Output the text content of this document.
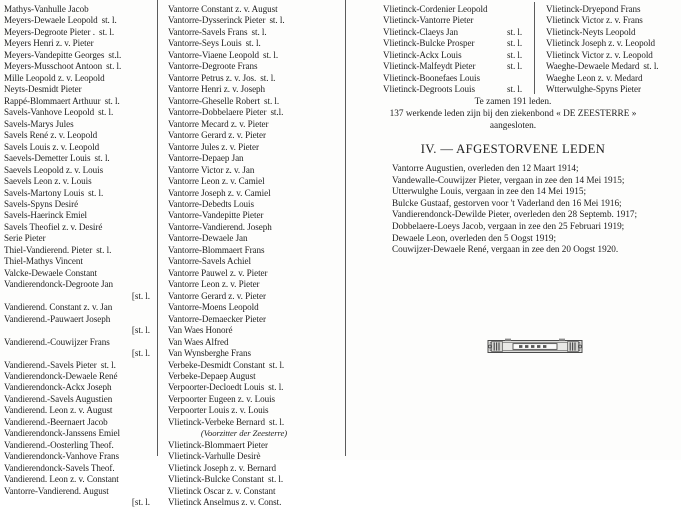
Mathys-Vanhulle Jacob
Meyers-Dewaele Leopold st. l.
Meyers-Degroote Pieter . st. l.
Meyers Henri z. v. Pieter
Meyers-Vandepitte Georges st.l.
Meyers-Musschoot Antoon st. l.
Mille Leopold z. v. Leopold
Neyts-Desmidt Pieter
Rappé-Blommaert Arthuur st. l.
Savels-Vanhove Leopold st. l.
Savels-Marys Jules
Savels René z. v. Leopold
Savels Louis z. v. Leopold
Saevels-Demetter Louis st. l.
Saevels Leopold z. v. Louis
Saevels Leon z. v. Louis
Savels-Martony Louis st. l.
Savels-Spyns Desiré
Savels-Haerinck Emiel
Savels Theofiel z. v. Desiré
Serie Pieter
Thiel-Vandierend. Pieter st. l.
Thiel-Mathys Vincent
Valcke-Dewaele Constant
Vandierendonck-Degroote Jan
[st. l.
Vandierend. Constant z. v. Jan
Vandierend.-Pauwaert Joseph
[st. l.
Vandierend.-Couwijzer Frans
[st. l.
Vandierend.-Savels Pieter st. l.
Vandierendonck-Dewaele René
Vandierendonck-Ackx Joseph
Vandierend.-Savels Augustien
Vandierend. Leon z. v. August
Vandierend.-Beernaert Jacob
Vandierendonck-Janssens Emiel
Vandierend.-Oosterling Theof.
Vandierendonck-Vanhove Frans
Vandierendonck-Savels Theof.
Vandierend. Leon z. v. Constant
Vantorre-Vandierend. August
[st. l.
Vantorre Constant z. v. August
Vantorre-Dysserinck Pieter st. l.
Vantorre-Savels Frans st. l.
Vantorre-Seys Louis st. l.
Vantorre-Viaene Leopold st. l.
Vantorre-Degroote Frans
Vantorre Petrus z. v. Jos. st. l.
Vantorre Henri z. v. Joseph
Vantorre-Gheselle Robert st. l.
Vantorre-Dobbelaere Pieter st.l.
Vantorre Mecard z. v. Pieter
Vantorre Gerard z. v. Pieter
Vantorre Jules z. v. Pieter
Vantorre-Depaep Jan
Vantorre Victor z. v. Jan
Vantorre Leon z. v. Camiel
Vantorre Joseph z. v. Camiel
Vantorre-Debedts Louis
Vantorre-Vandepitte Pieter
Vantorre-Vandierend. Joseph
Vantorre-Dewaele Jan
Vantorre-Blommaert Frans
Vantorre-Savels Achiel
Vantorre Pauwel z. v. Pieter
Vantorre Leon z. v. Pieter
Vantorre Gerard z. v. Pieter
Vantorre-Moens Leopold
Vantorre-Demaecker Pieter
Van Waes Honoré
Van Waes Alfred
Van Wynsberghe Frans
Verbeke-Desmidt Constant st. l.
Verbeke-Depaep August
Verpoorter-Decloedt Louis st. l.
Verpoorter Eugeen z. v. Louis
Verpoorter Louis z. v. Louis
Vlietinck-Verbeke Bernard st. l.
(Voorzitter der Zeesterre)
Vlietinck-Blommaert Pieter
Vlietinck-Varhulle Desirè
Vlietinck Joseph z. v. Bernard
Vlietinck-Bulcke Constant st. l.
Vlietinck Oscar z. v. Constant
Vlietinck Anselmus z. v. Const.
Vlietinck-Cordenier Leopold
Vlietinck-Vantorre Pieter
Vlietinck-Claeys Jan	st. l.
Vlietinck-Bulcke Prosper	st. l.
Vlietinck-Ackx Louis	st. l.
Vlietinck-Malfeydt Pieter	st. l.
Vlietinck-Boonefaes Louis
Vlietinck-Degroots Louis	st. l.
Vlietinck-Dryepond Frans
Vlietinck Victor z. v. Frans
Vlietinck-Neyts Leopold
Vlietinck Joseph z. v. Leopold
Vlietinck Victor z. v. Leopold
Waeghe-Dewaele Medard st. l.
Waeghe Leon z. v. Medard
Wtterwulghe-Spyns Pieter
Te zamen 191 leden.
137 werkende leden zijn bij den ziekenbond « DE ZEESTERRE »
aangesloten.
IV. — AFGESTORVENE LEDEN
Vantorre Augustien, overleden den 12 Maart 1914;
Vandewalle-Couwijzer Pieter, vergaan in zee den 14 Mei 1915;
Utterwulghe Louis, vergaan in zee den 14 Mei 1915;
Bulcke Gustaaf, gestorven voor 't Vaderland den 16 Mei 1916;
Vandierendonck-Dewilde Pieter, overleden den 28 Septemb. 1917;
Dobbelaere-Loeys Jacob, vergaan in zee den 25 Februari 1919;
Dewaele Leon, overleden den 5 Oogst 1919;
Couwijzer-Dewaele René, vergaan in zee den 20 Oogst 1920.
